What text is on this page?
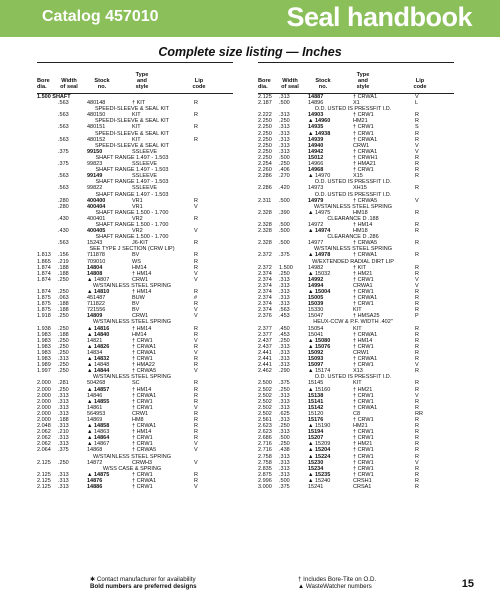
Catalog 457010	Seal handbook
Complete size listing — Inches
Bore
dia.
Width
of seal
Stock
no.
Type
and
style
Lip
code
1.500 SHAFT
.563	480148	† KIT	R
SPEEDI-SLEEVE & SEAL KIT
.563	480150	KIT	R
SPEEDI-SLEEVE & SEAL KIT
.563	480151	KIT	R
SPEEDI-SLEEVE & SEAL KIT
.563	480152	KIT	R
SPEEDI-SLEEVE & SEAL KIT
.375	99150	SSLEEVE
SHAFT RANGE 1.497 - 1.503
.375	99823	SSLEEVE
SHAFT RANGE 1.497 - 1.503
.563	99149	SSLEEVE
SHAFT RANGE 1.497 - 1.503
.563	99822	SSLEEVE
SHAFT RANGE 1.497 - 1.503
.280	400400	VR1	R
.280	400404	VR1	V
SHAFT RANGE 1.500 - 1.700
.430	400401	VR2	R
SHAFT RANGE 1.500 - 1.700
.430	400405	VR2	V
SHAFT RANGE 1.500 - 1.700
.563	15243	J6-KIT	R
SEE TYPE J SECTION (CRW LIP)
1.813 .156	711878	BV	R
1.865 .219	709010	WS	R
1.874 .188	14804	HM14	R
1.874 .188	14808	† HM14	V
1.874 .250	▲ 14807	CRW1	V
W/STAINLESS STEEL SPRING
1.874 .250	▲ 14810	† HM14	R
1.875 .063	451487	BUW	#
1.875 .188	711822	BV	R
1.875 .188	721556	BV	V
1.918 .250	14809	CRW1	V
W/STAINLESS STEEL SPRING
1.938 .250	▲ 14816	† HM14	R
1.983 .188	▲ 14840	HM14	R
1.983 .250	14821	† CRW1	V
1.983 .250	▲ 14826	† CRWA1	R
1.983 .250	14834	† CRWA1	V
1.983 .313	▲ 14832	† CRW1	R
1.989 .250	▲ 14848	† HMA22	R
1.997 .250	▲ 14844	† CRWA5	V
W/STAINLESS STEEL SPRING
2.000 .281	504268	SC	R
2.000 .250	▲ 14857	† HM14	R
2.000 .313	14846	† CRWA1	R
2.000 .313	▲ 14855	† CRW1	R
2.000 .313	14861	† CRW1	V
2.000 .313	564953	CRW1	R
2.000 .188	14869	HM8	R
2.048 .313	▲ 14858	† CRWA1	R
2.062 .210	▲ 14863	† HM14	R
2.062 .313	▲ 14864	† CRW1	R
2.062 .313	▲ 14867	† CRW1	V
2.064 .375	14868	† CRWA5	V
W/STAINLESS STEEL SPRING
2.125 .250	14872	CRWH3	V
W/SS CASE & SPRING
2.125 .313	▲ 14875	† CRW1	R
2.125 .313	14876	† CRWA1	R
2.125 .313	14886	† CRW1	V
Bore
dia.
Width
of seal
Stock
no.
Type
and
style
Lip
code
2.125 .313	14887	† CRWA1	V
2.187 .500	14896	X1	L
O.D. USTED IS PRESSFIT I.D.
2.222 .313	14903	† CRW1	R
2.250 .250	▲ 14960	HM21	R
2.250 .313	14935	† CRW1	S
2.250 .313	▲ 14938	† CRW1	R
2.250 .313	14939	† CRWA1	R
2.250 .313	14940	CRW1	V
2.250 .313	14942	† CRWA1	V
2.250 .500	15012	† CRWH1	R
2.254 .250	14966	† HMA21	R
2.260 .406	14968	† CRW1	R
2.286 .270	▲ 14970	X15	R
O.D. USTED IS PRESSFIT I.D.
2.286 .420	14973	XH15	R
O.D. USTED IS PRESSFIT I.D.
2.311 .500	14979	† CRWA5	V
W/STAINLESS STEEL SPRING
2.328 .390	▲ 14975	HM18	R
CLEARANCE D .188
2.328 .500	14972	† HM14	R
2.328 .500	▲ 14974	HM18	R
CLEARANCE D .286
2.328 .500	14977	† CRWA5	R
W/STAINLESS STEEL SPRING
2.372 .375	▲ 14978	† CRWA1	R
W/EXTENDED RADIAL DIRT LIP
2.372 1.500	14982	† KIT	R
2.374 .250	▲ 15032	† HM21	R
2.374 .313	14992	† CRW1	V
2.374 .313	14994	CRWA1	V
2.374 .313	▲ 15004	† CRW1	R
2.374 .313	15005	† CRWA1	R
2.374 .313	15039	† CRW1	R
2.374 .563	15330	KIT	R
2.376 .453	15047	† HMSA25	P
HEUX-CCW & P.F. WIDTH .402"
2.377 .450	15054	KIT	R
2.377 .453	15041	† CRWA1	R
2.437 .250	▲ 15080	† HM14	R
2.437 .313	▲ 15076	† CRW1	R
2.441 .313	15092	CRW1	R
2.441 .313	15093	† CRWA1	R
2.441 .313	15097	† CRW1	V
2.462 .290	▲ 15174	X13	R
O.D. USTED IS PRESSFIT I.D.
2.500 .375	15145	KIT	R
2.502 .250	▲ 15160	† HM21	R
2.502 .313	15138	† CRW1	V
2.502 .313	15141	† CRW1	R
2.502 .313	15142	† CRWA1	R
2.502 .625	15120	C8	RR
2.561 .313	15176	† CRW1	R
2.623 .250	▲ 15190	HM21	R
2.623 .313	15194	† CRW1	R
2.686 .500	15207	† CRW1	R
2.716 .250	▲ 15209	† HM21	R
2.716 .438	▲ 15204	† CRW1	R
2.758 .313	▲ 15224	† CRW1	R
2.758 .313	15230	† CRW1	V
2.835 .313	15234	† CRW1	R
2.875 .313	▲ 15235	† CRW1	R
2.996 .500	▲ 15240	CRSH1	R
3.000 .375	15241	CRSA1	R
✱ Contact manufacturer for availability
Bold numbers are preferred designs
† Includes Bore-Tite on O.D.
▲ WasteWatcher numbers	15
